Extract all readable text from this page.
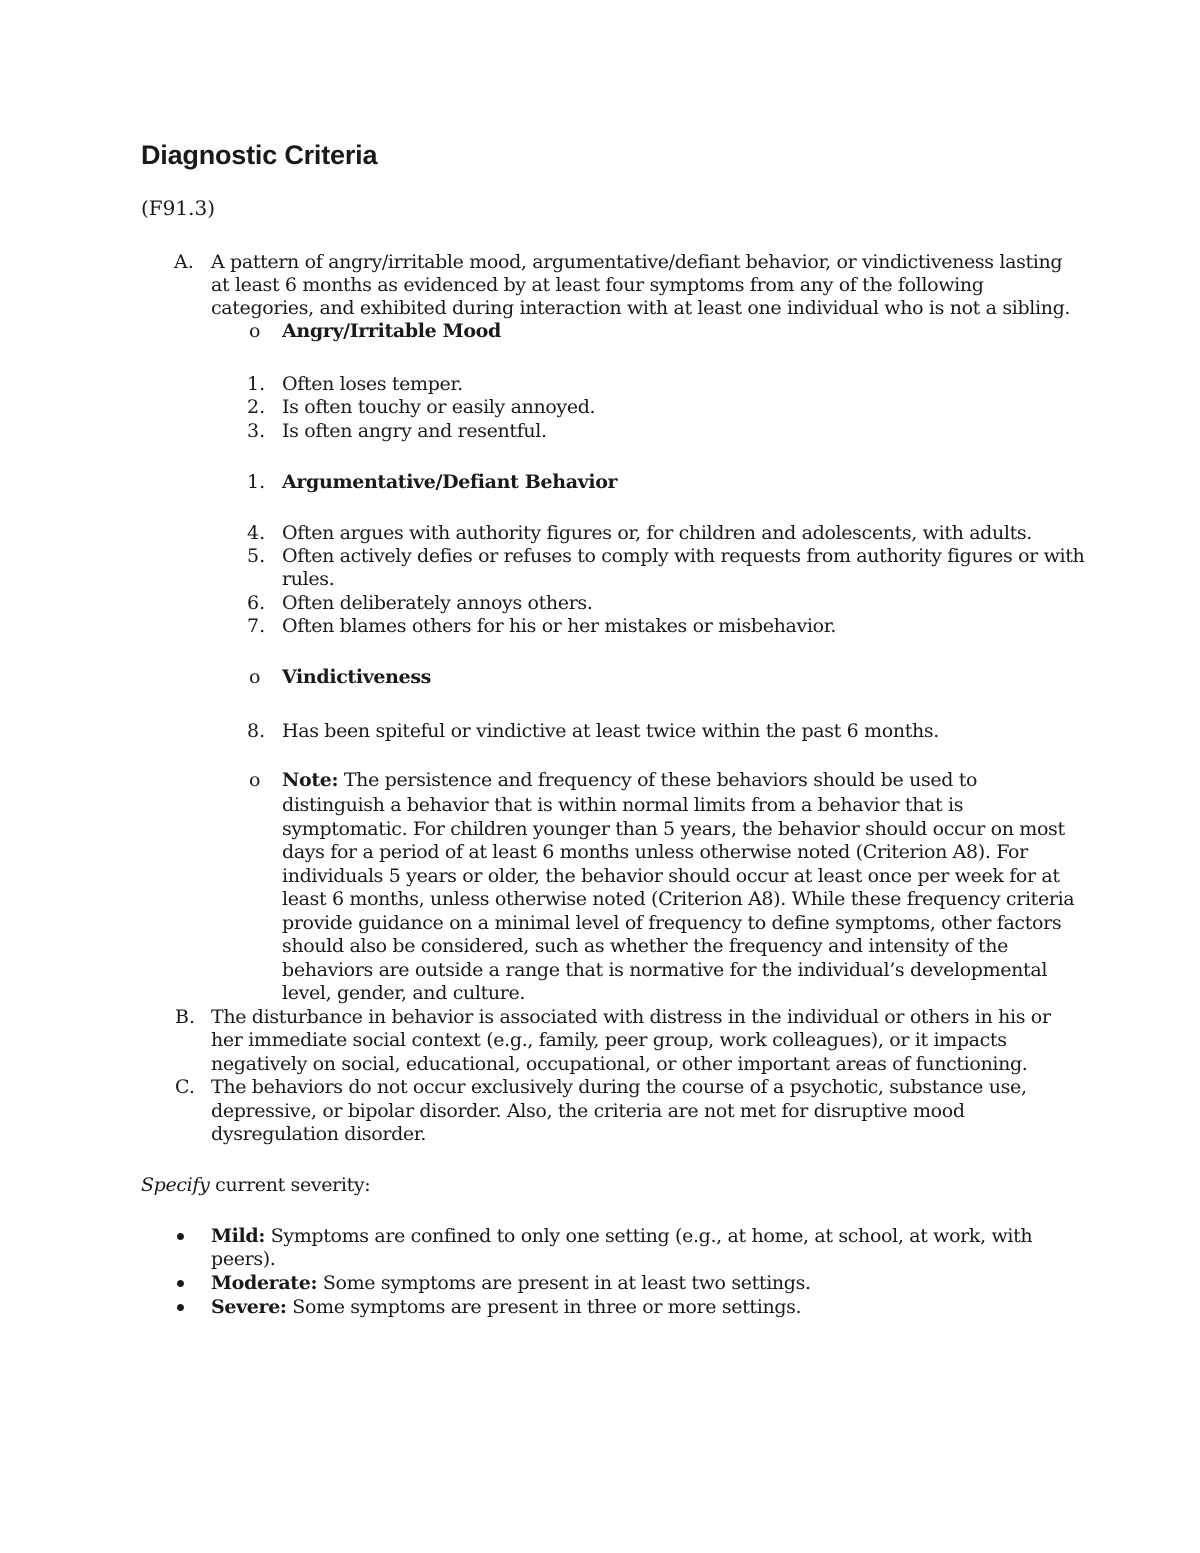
Diagnostic Criteria
(F91.3)
A. A pattern of angry/irritable mood, argumentative/defiant behavior, or vindictiveness lasting
at least 6 months as evidenced by at least four symptoms from any of the following
categories, and exhibited during interaction with at least one individual who is not a sibling.
o Angry/Irritable Mood
1. Often loses temper.
2. Is often touchy or easily annoyed.
3. Is often angry and resentful.
1. Argumentative/Defiant Behavior
4. Often argues with authority figures or, for children and adolescents, with adults.
5. Often actively defies or refuses to comply with requests from authority figures or with
rules.
6. Often deliberately annoys others.
7. Often blames others for his or her mistakes or misbehavior.
o Vindictiveness
8. Has been spiteful or vindictive at least twice within the past 6 months.
o Note: The persistence and frequency of these behaviors should be used to
distinguish a behavior that is within normal limits from a behavior that is
symptomatic. For children younger than 5 years, the behavior should occur on most
days for a period of at least 6 months unless otherwise noted (Criterion A8). For
individuals 5 years or older, the behavior should occur at least once per week for at
least 6 months, unless otherwise noted (Criterion A8). While these frequency criteria
provide guidance on a minimal level of frequency to define symptoms, other factors
should also be considered, such as whether the frequency and intensity of the
behaviors are outside a range that is normative for the individual’s developmental
level, gender, and culture.
B. The disturbance in behavior is associated with distress in the individual or others in his or
her immediate social context (e.g., family, peer group, work colleagues), or it impacts
negatively on social, educational, occupational, or other important areas of functioning.
C. The behaviors do not occur exclusively during the course of a psychotic, substance use,
depressive, or bipolar disorder. Also, the criteria are not met for disruptive mood
dysregulation disorder.
Specify current severity:
Mild: Symptoms are confined to only one setting (e.g., at home, at school, at work, with
peers).
Moderate: Some symptoms are present in at least two settings.
Severe: Some symptoms are present in three or more settings.
